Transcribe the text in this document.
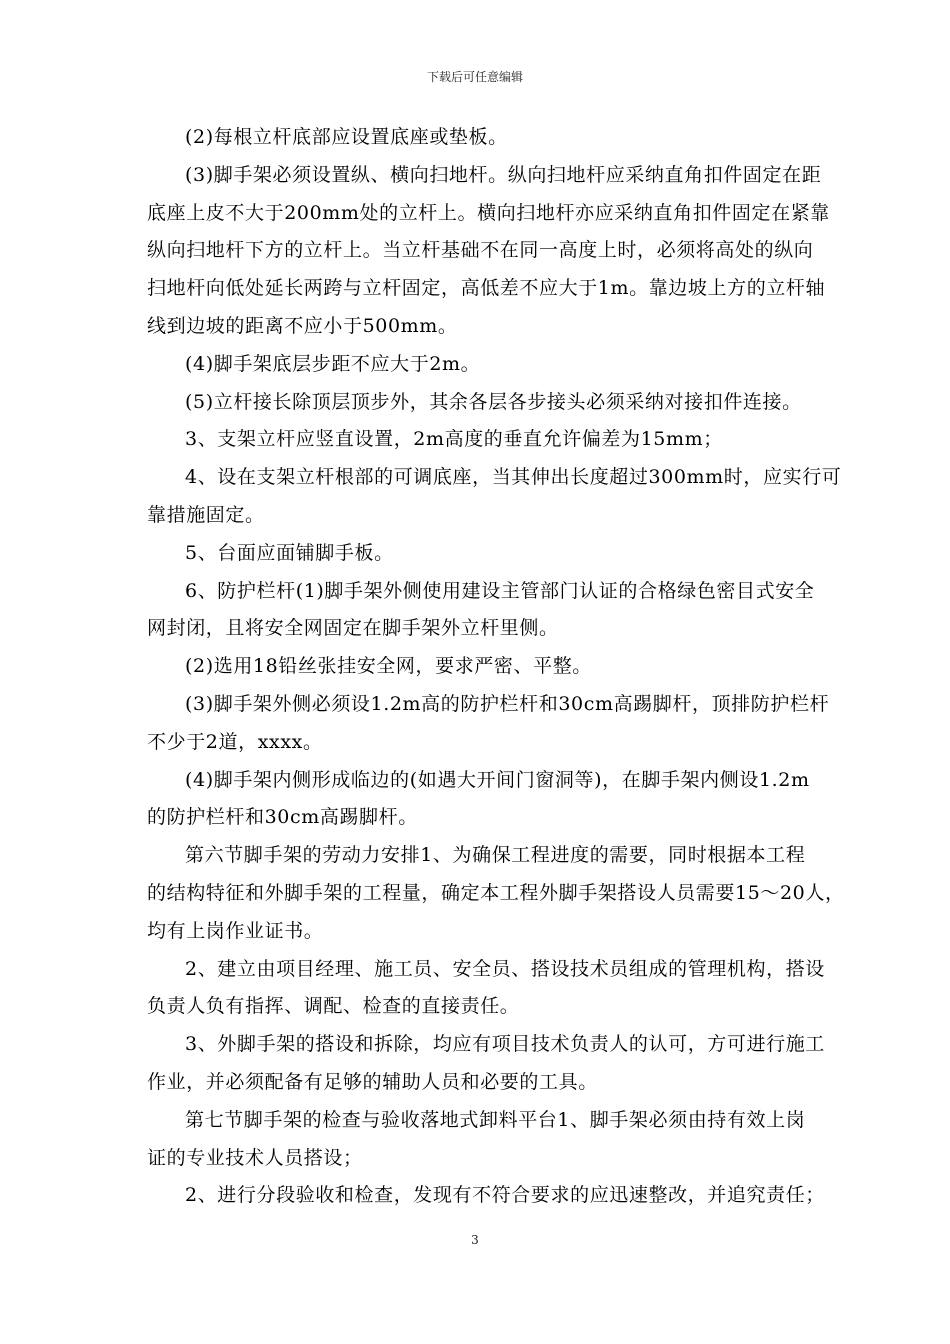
下载后可任意编辑
(2)每根立杆底部应设置底座或垫板。
(3)脚手架必须设置纵、横向扫地杆。纵向扫地杆应采纳直角扣件固定在距
底座上皮不大于200mm处的立杆上。横向扫地杆亦应采纳直角扣件固定在紧靠
纵向扫地杆下方的立杆上。当立杆基础不在同一高度上时，必须将高处的纵向
扫地杆向低处延长两跨与立杆固定，高低差不应大于1m。靠边坡上方的立杆轴
线到边坡的距离不应小于500mm。
(4)脚手架底层步距不应大于2m。
(5)立杆接长除顶层顶步外，其余各层各步接头必须采纳对接扣件连接。
3、支架立杆应竖直设置，2m高度的垂直允许偏差为15mm；
4、设在支架立杆根部的可调底座，当其伸出长度超过300mm时，应实行可
靠措施固定。
5、台面应面铺脚手板。
6、防护栏杆(1)脚手架外侧使用建设主管部门认证的合格绿色密目式安全
网封闭，且将安全网固定在脚手架外立杆里侧。
(2)选用18铅丝张挂安全网，要求严密、平整。
(3)脚手架外侧必须设1.2m高的防护栏杆和30cm高踢脚杆，顶排防护栏杆
不少于2道，xxxx。
(4)脚手架内侧形成临边的(如遇大开间门窗洞等)，在脚手架内侧设1.2m
的防护栏杆和30cm高踢脚杆。
第六节脚手架的劳动力安排1、为确保工程进度的需要，同时根据本工程
的结构特征和外脚手架的工程量，确定本工程外脚手架搭设人员需要15～20人，
均有上岗作业证书。
2、建立由项目经理、施工员、安全员、搭设技术员组成的管理机构，搭设
负责人负有指挥、调配、检查的直接责任。
3、外脚手架的搭设和拆除，均应有项目技术负责人的认可，方可进行施工
作业，并必须配备有足够的辅助人员和必要的工具。
第七节脚手架的检查与验收落地式卸料平台1、脚手架必须由持有效上岗
证的专业技术人员搭设；
2、进行分段验收和检查，发现有不符合要求的应迅速整改，并追究责任；
3
